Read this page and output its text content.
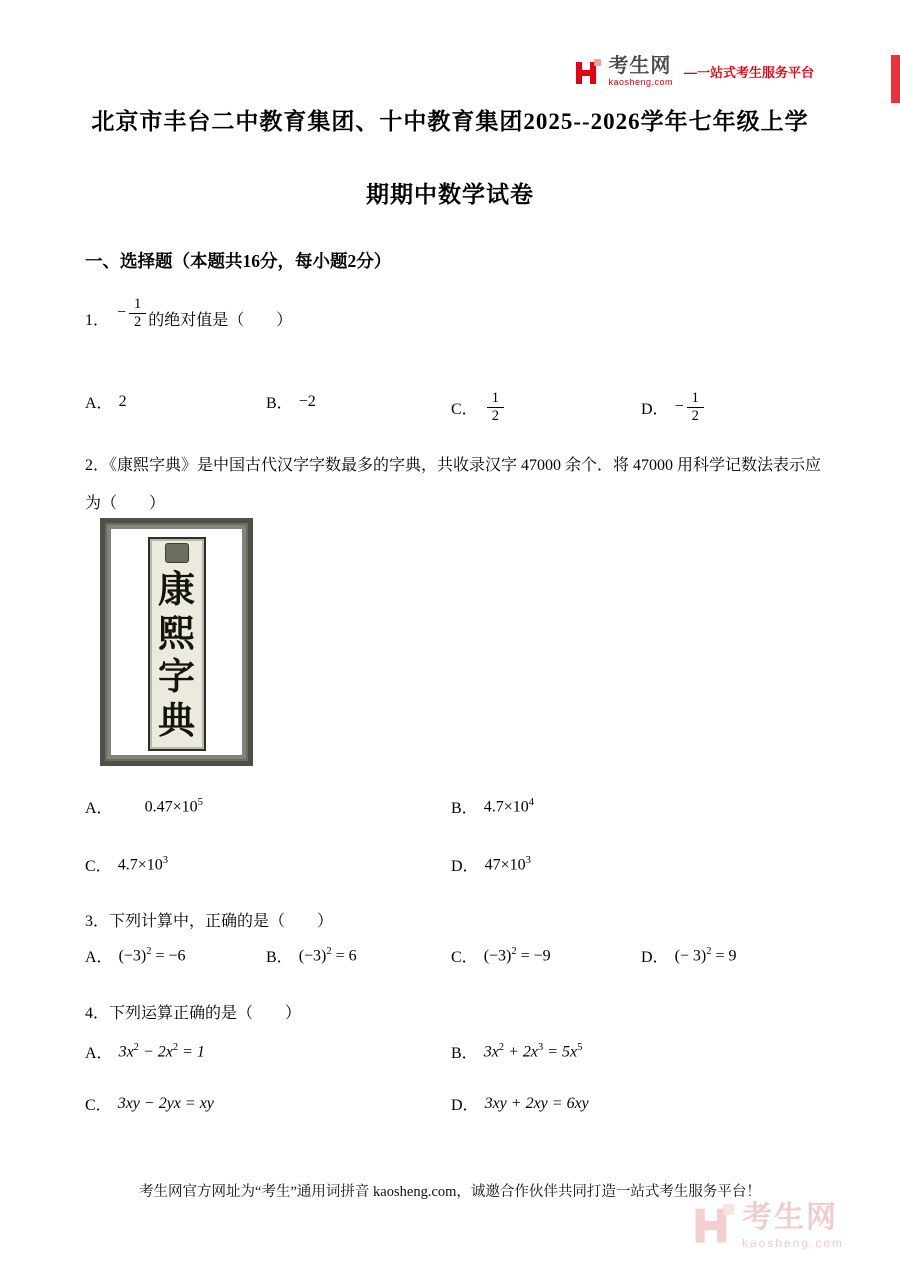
考生网
kaosheng.com
—一站式考生服务平台
北京市丰台二中教育集团、十中教育集团2025--2026学年七年级上学
期期中数学试卷
一、选择题（本题共16分，每小题2分）
1． − $\frac{1}{2}$ 的绝对值是（　　）
A． 2	B． −2	C． $\frac{1}{2}$	D． − $\frac{1}{2}$
2．《康熙字典》是中国古代汉字字数最多的字典，共收录汉字 47000 余个．将 47000 用科学记数法表示应
为（　　）
康
熙
字
典
A． $0.47\times 10^5$	B． $4.7\times 10^4$
C． $4.7\times 10^3$	D． $47\times 10^3$
3．下列计算中，正确的是（　　）
A． $(-3)^2 = -6$	B． $(-3)^2 = 6$	C． $(-3)^2 = -9$	D． (− 3)$^2$ = 9
4．下列运算正确的是（　　）
A． $3x^2 - 2x^2 = 1$	B． $3x^2 + 2x^3 = 5x^5$
C． 3xy − 2yx = xy	D． 3xy + 2xy = 6xy
考生网官方网址为“考生”通用词拼音 kaosheng.com，诚邀合作伙伴共同打造一站式考生服务平台！
考生网
kaosheng.com
